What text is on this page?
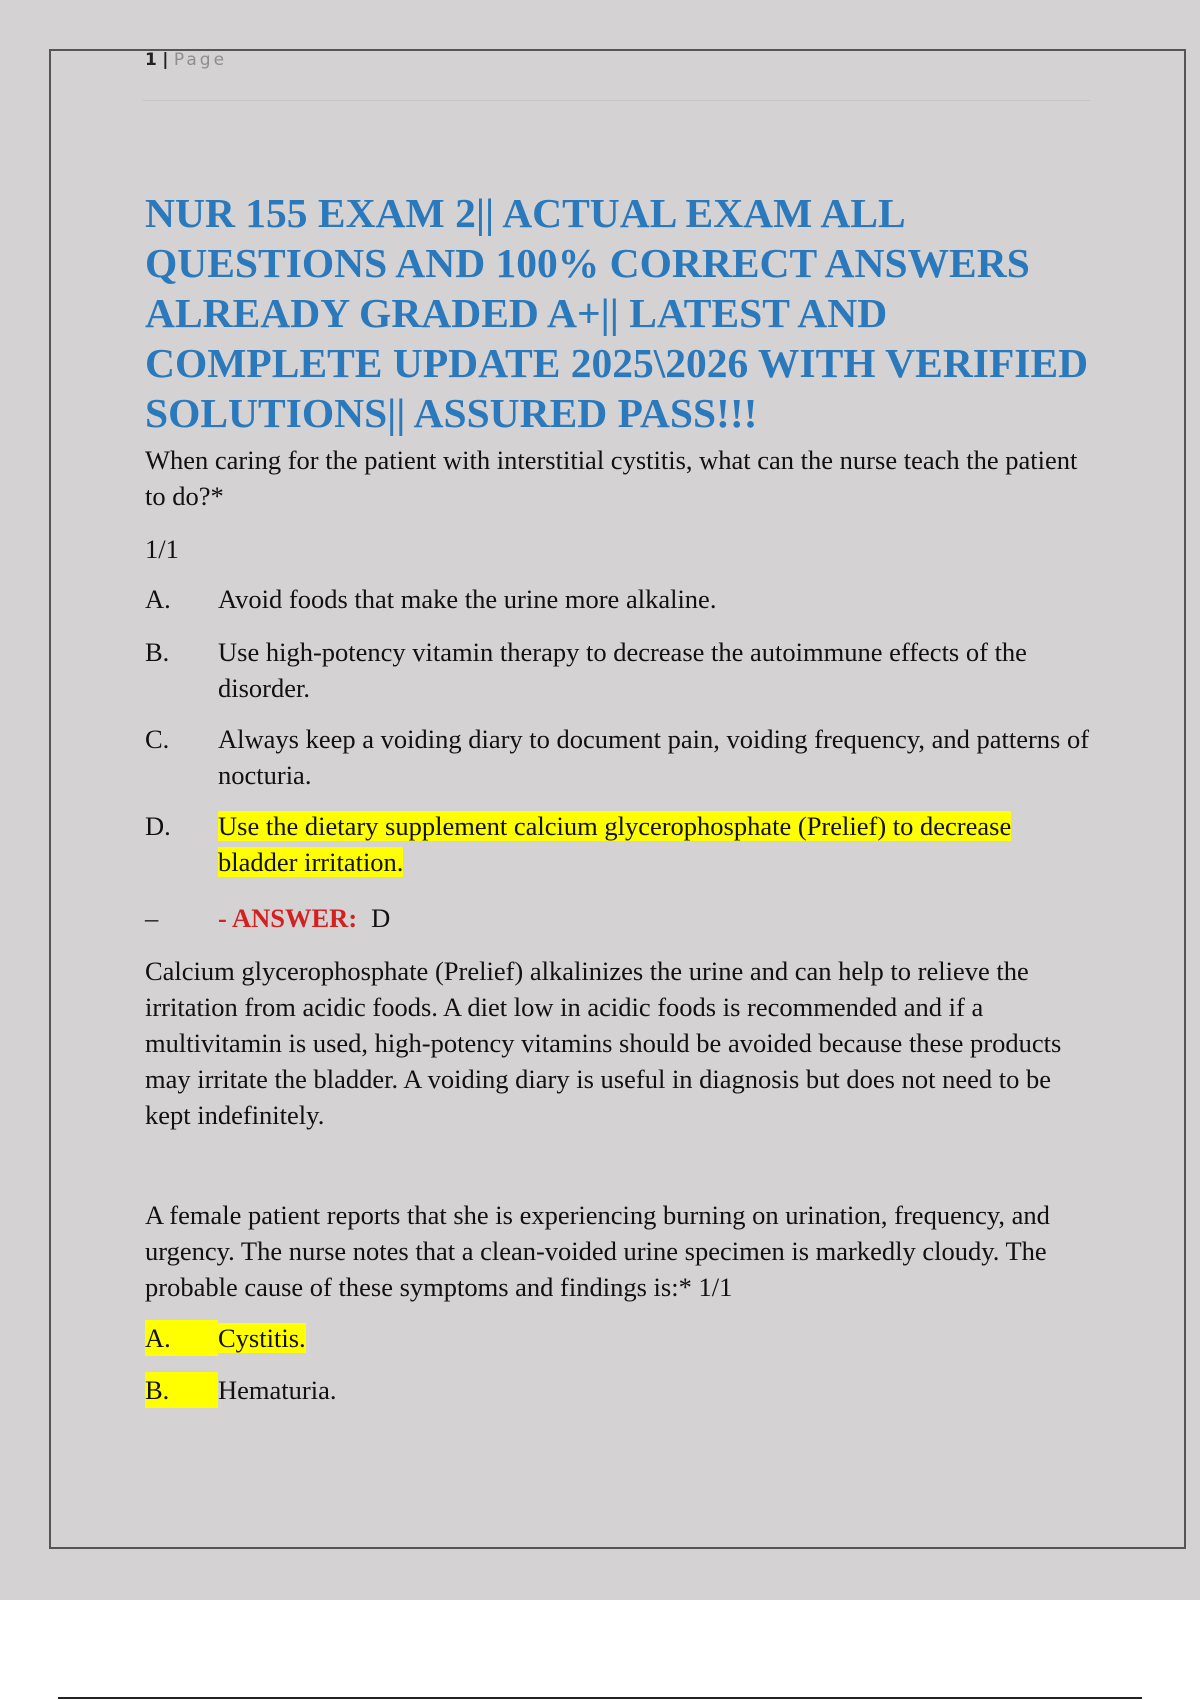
1 | Page
NUR 155 EXAM 2|| ACTUAL EXAM ALL QUESTIONS AND 100% CORRECT ANSWERS ALREADY GRADED A+|| LATEST AND COMPLETE UPDATE 2025\2026 WITH VERIFIED SOLUTIONS|| ASSURED PASS!!!

When caring for the patient with interstitial cystitis, what can the nurse teach the patient to do?*

1/1

A.	Avoid foods that make the urine more alkaline.
B.	Use high-potency vitamin therapy to decrease the autoimmune effects of the disorder.
C.	Always keep a voiding diary to document pain, voiding frequency, and patterns of nocturia.
D.	Use the dietary supplement calcium glycerophosphate (Prelief) to decrease bladder irritation.
–	- ANSWER: D

Calcium glycerophosphate (Prelief) alkalinizes the urine and can help to relieve the irritation from acidic foods. A diet low in acidic foods is recommended and if a multivitamin is used, high-potency vitamins should be avoided because these products may irritate the bladder. A voiding diary is useful in diagnosis but does not need to be kept indefinitely.

A female patient reports that she is experiencing burning on urination, frequency, and urgency. The nurse notes that a clean-voided urine specimen is markedly cloudy. The probable cause of these symptoms and findings is:* 1/1

A.	Cystitis.
B.	Hematuria.
